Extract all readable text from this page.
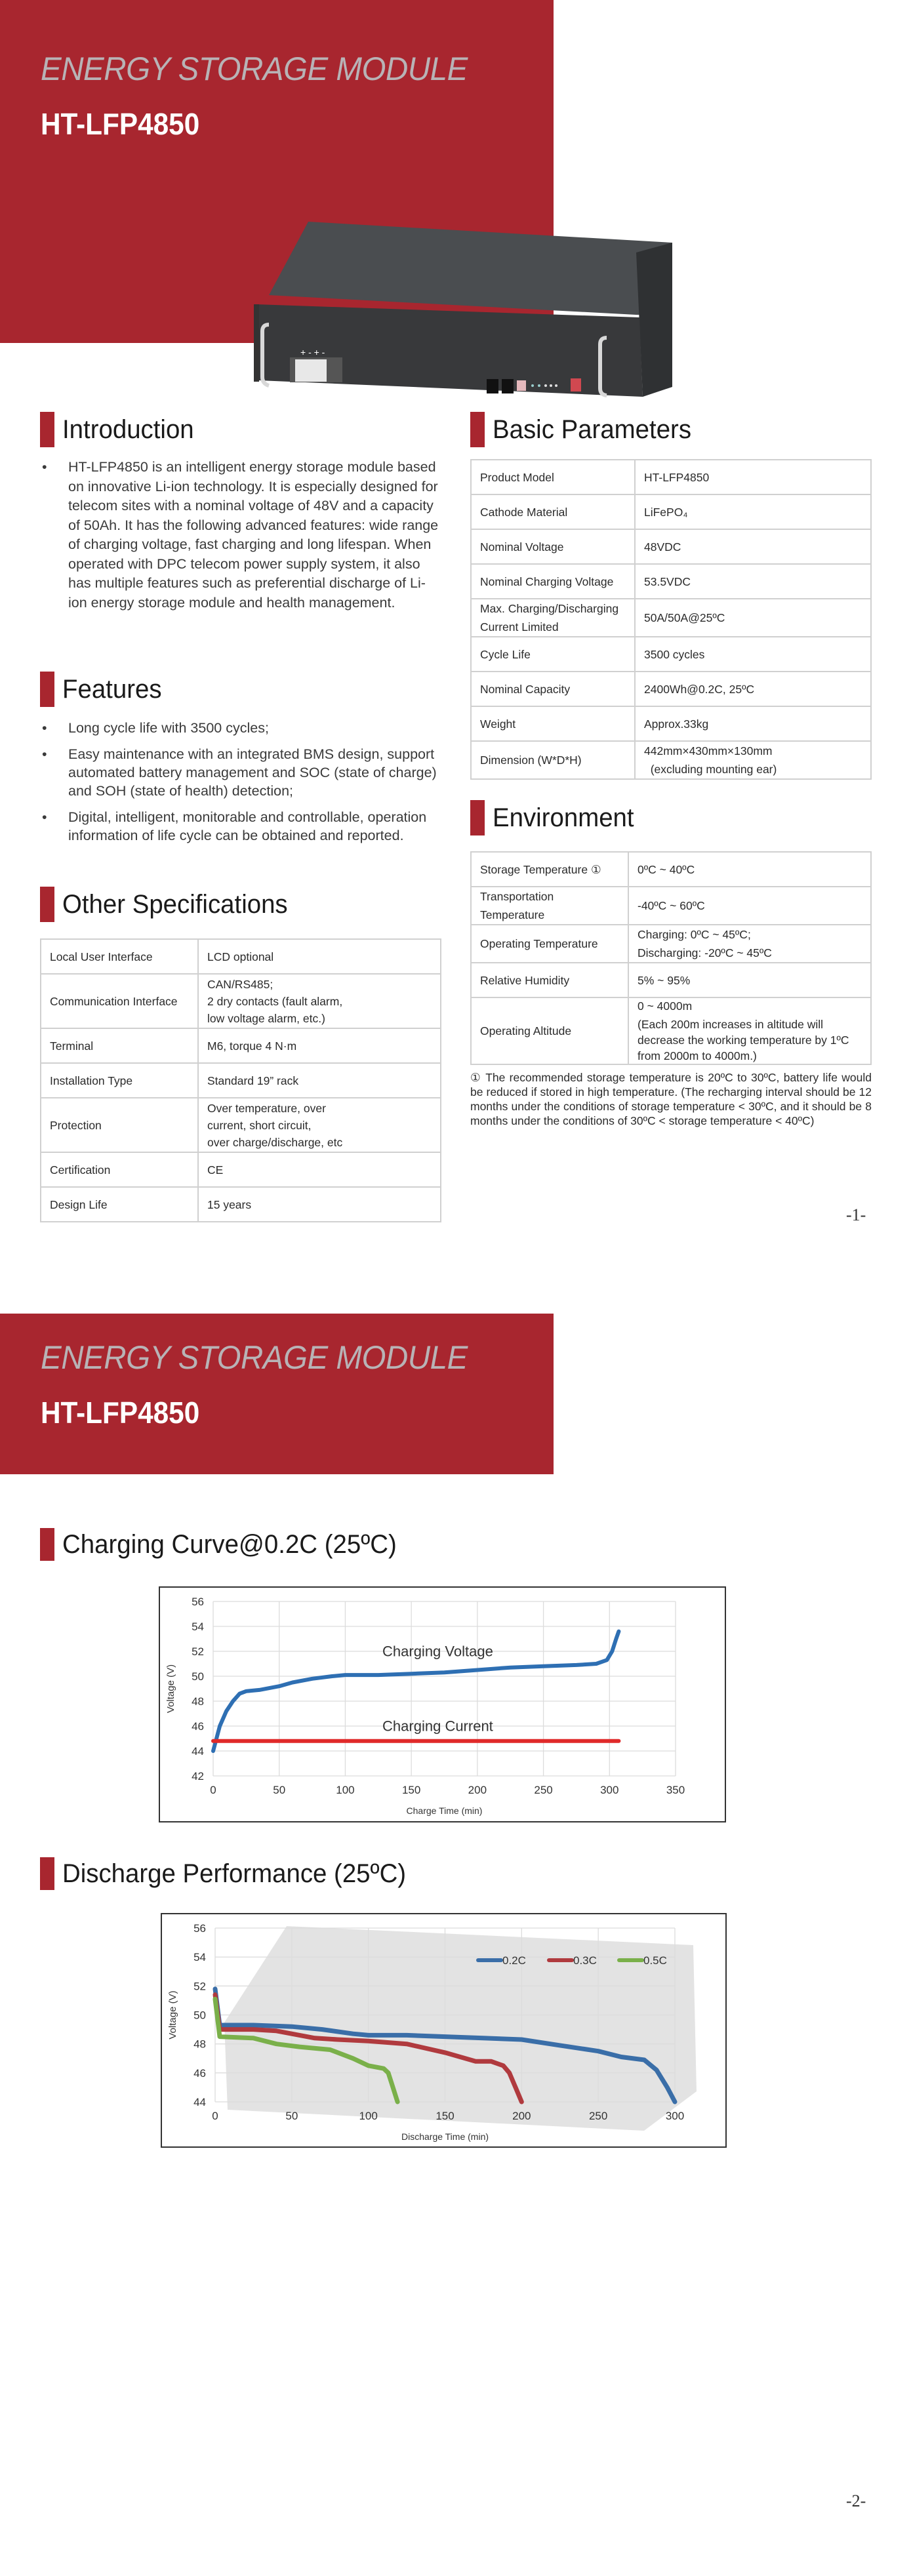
ENERGY STORAGE MODULE
HT-LFP4850
+ - + -
Introduction
• HT-LFP4850 is an intelligent energy storage module based on innovative Li-ion technology. It is especially designed for telecom sites with a nominal voltage of 48V and a capacity of 50Ah. It has the following advanced features: wide range of charging voltage, fast charging and long lifespan. When operated with DPC telecom power supply system, it also has multiple features such as preferential discharge of Li-ion energy storage module and health management.
Features
• Long cycle life with 3500 cycles;
• Easy maintenance with an integrated BMS design, support automated battery management and SOC (state of charge) and SOH (state of health) detection;
• Digital, intelligent, monitorable and controllable, operation information of life cycle can be obtained and reported.
Other Specifications
Local User Interface	LCD optional
Communication Interface	CAN/RS485;
2 dry contacts (fault alarm,
low voltage alarm, etc.)

Terminal	M6, torque 4 N·m
Installation Type	Standard 19” rack
Protection	Over temperature, over
current, short circuit,
over charge/discharge, etc

Certification	CE
Design Life	15 years
Basic Parameters
Product Model	HT-LFP4850
Cathode Material	LiFePO₄
Nominal Voltage	48VDC
Nominal Charging Voltage	53.5VDC

Max. Charging/Discharging
Current Limited	50A/50A@25ºC
Cycle Life	3500 cycles
Nominal Capacity	2400Wh@0.2C, 25ºC
Weight	Approx.33kg
Dimension (W*D*H)	442mm×430mm×130mm
(excluding mounting ear)
Environment
Storage Temperature ①	0ºC ~ 40ºC

Transportation
Temperature	-40ºC ~ 60ºC
Operating Temperature	Charging: 0ºC ~ 45ºC;
Discharging: -20ºC ~ 45ºC

Relative Humidity	5% ~ 95%
Operating Altitude	0 ~ 4000m
(Each 200m increases in altitude will decrease the working temperature by 1ºC from 2000m to 4000m.)
① The recommended storage temperature is 20ºC to 30ºC, battery life would be reduced if stored in high temperature. (The recharging interval should be 12 months under the conditions of storage temperature < 30ºC, and it should be 8 months under the conditions of 30ºC < storage temperature < 40ºC)
-1-
ENERGY STORAGE MODULE
HT-LFP4850
Charging Curve@0.2C (25ºC)
0	50	100	150	200	250	300	350
42
44
46
48
50
52
54
56
Charge Time (min)
Voltage (V)
Charging Voltage
Charging Current
Discharge Performance (25ºC)
0	50	100	150	200	250	300
44
46
48
50
52
54
56
Discharge Time (min)
Voltage (V)
0.2C	0.3C	0.5C
-2-
